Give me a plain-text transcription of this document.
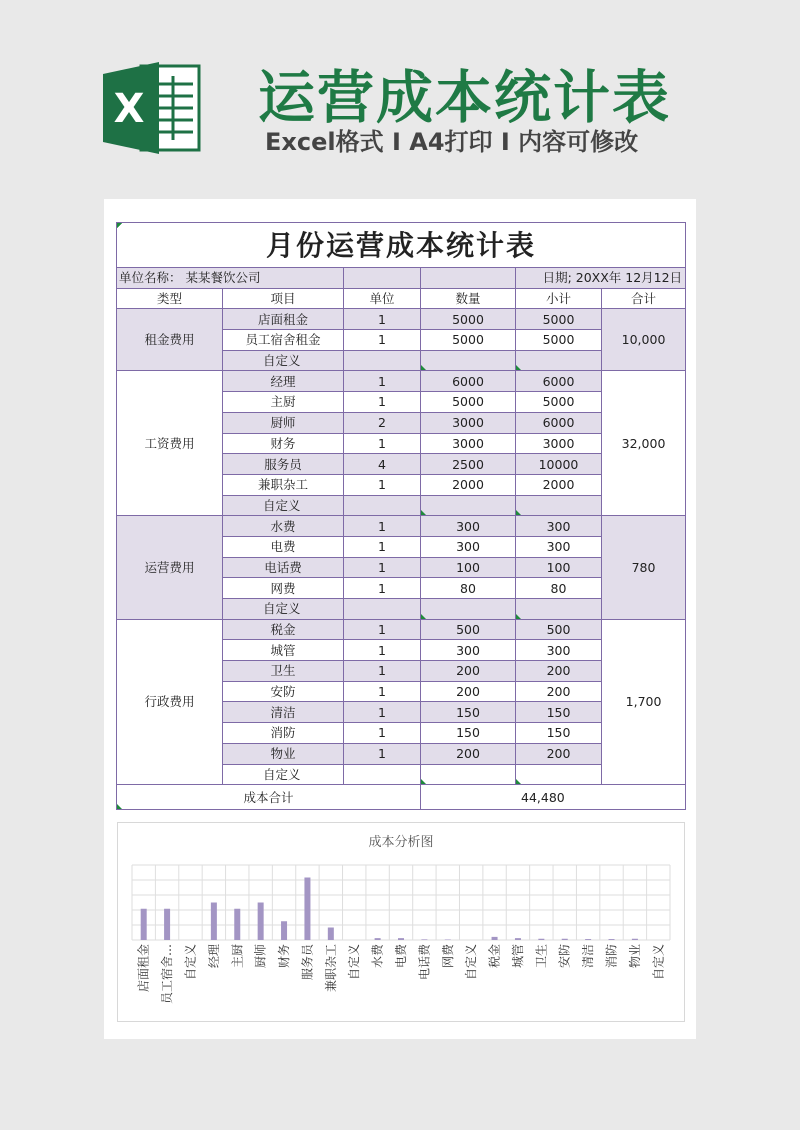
X 运营成本统计表
Excel格式 I A4打印 I 内容可修改
月份运营成本统计表					
单位名称： 某某餐饮公司				日期; 20XX年 12月12日	
类型	项目	单位	数量	小计	合计
租金费用	店面租金	1	5000	5000	10,000
	员工宿舍租金	1	5000	5000	
	自定义				
工资费用	经理	1	6000	6000	32,000
	主厨	1	5000	5000	
	厨师	2	3000	6000	
	财务	1	3000	3000	
	服务员	4	2500	10000	
	兼职杂工	1	2000	2000	
	自定义				
运营费用	水费	1	300	300	780
	电费	1	300	300	
	电话费	1	100	100	
	网费	1	80	80	
	自定义				
行政费用	税金	1	500	500	1,700
	城管	1	300	300	
	卫生	1	200	200	
	安防	1	200	200	
	清洁	1	150	150	
	消防	1	150	150	
	物业	1	200	200	
	自定义				
成本合计			44,480		
成本分析图
店面租金 员工宿舍… 自定义 经理 主厨 厨师 财务 服务员 兼职杂工 自定义 水费 电费 电话费 网费 自定义 税金 城管 卫生 安防 清洁 消防 物业 自定义
